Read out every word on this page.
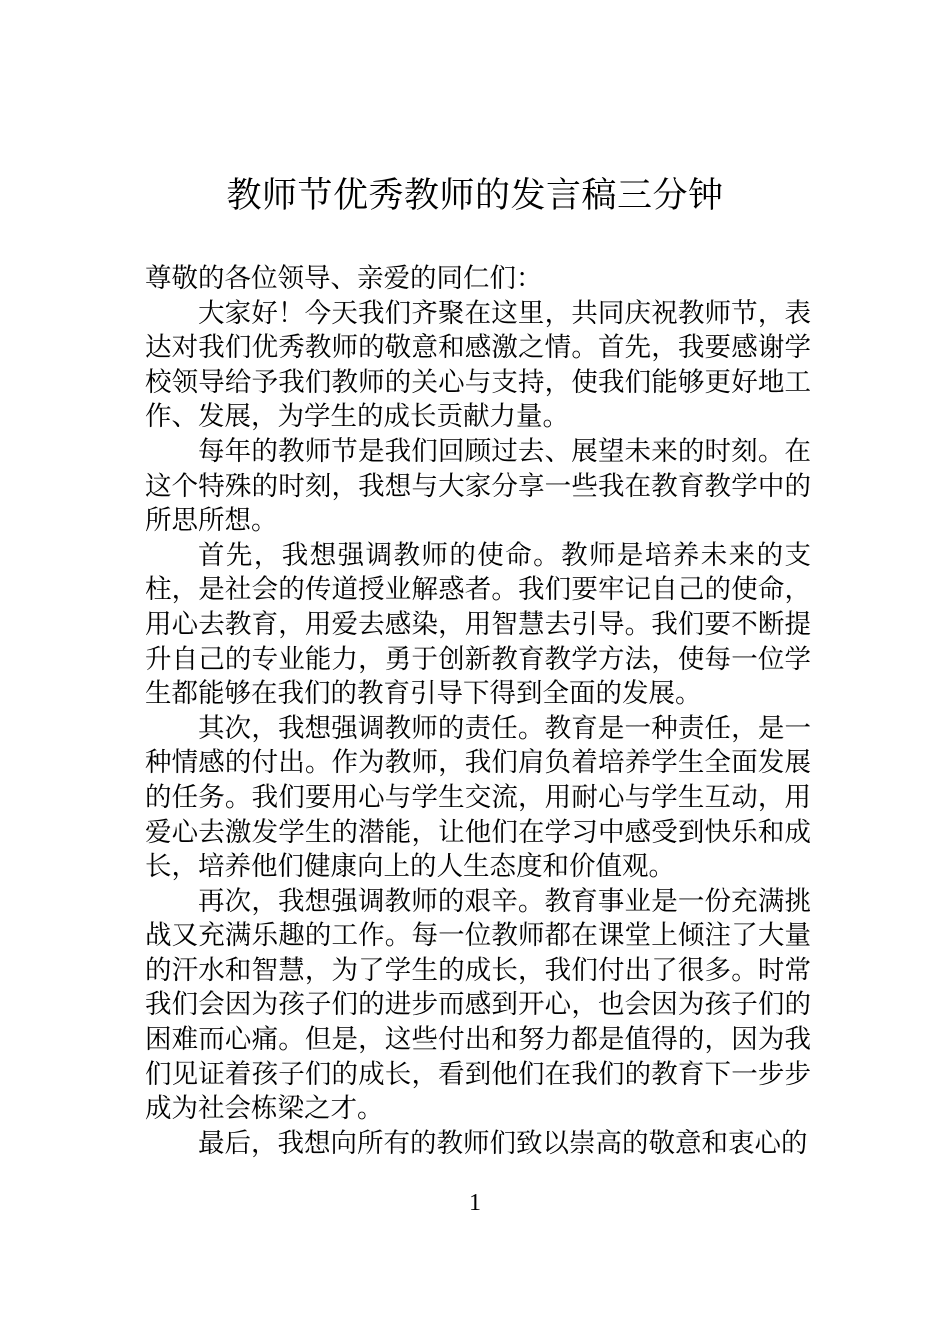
教师节优秀教师的发言稿三分钟

尊敬的各位领导、亲爱的同仁们：

大家好！今天我们齐聚在这里，共同庆祝教师节，表达对我们优秀教师的敬意和感激之情。首先，我要感谢学校领导给予我们教师的关心与支持，使我们能够更好地工作、发展，为学生的成长贡献力量。

每年的教师节是我们回顾过去、展望未来的时刻。在这个特殊的时刻，我想与大家分享一些我在教育教学中的所思所想。

首先，我想强调教师的使命。教师是培养未来的支柱，是社会的传道授业解惑者。我们要牢记自己的使命，用心去教育，用爱去感染，用智慧去引导。我们要不断提升自己的专业能力，勇于创新教育教学方法，使每一位学生都能够在我们的教育引导下得到全面的发展。

其次，我想强调教师的责任。教育是一种责任，是一种情感的付出。作为教师，我们肩负着培养学生全面发展的任务。我们要用心与学生交流，用耐心与学生互动，用爱心去激发学生的潜能，让他们在学习中感受到快乐和成长，培养他们健康向上的人生态度和价值观。

再次，我想强调教师的艰辛。教育事业是一份充满挑战又充满乐趣的工作。每一位教师都在课堂上倾注了大量的汗水和智慧，为了学生的成长，我们付出了很多。时常我们会因为孩子们的进步而感到开心，也会因为孩子们的困难而心痛。但是，这些付出和努力都是值得的，因为我们见证着孩子们的成长，看到他们在我们的教育下一步步成为社会栋梁之才。

最后，我想向所有的教师们致以崇高的敬意和衷心的

1
